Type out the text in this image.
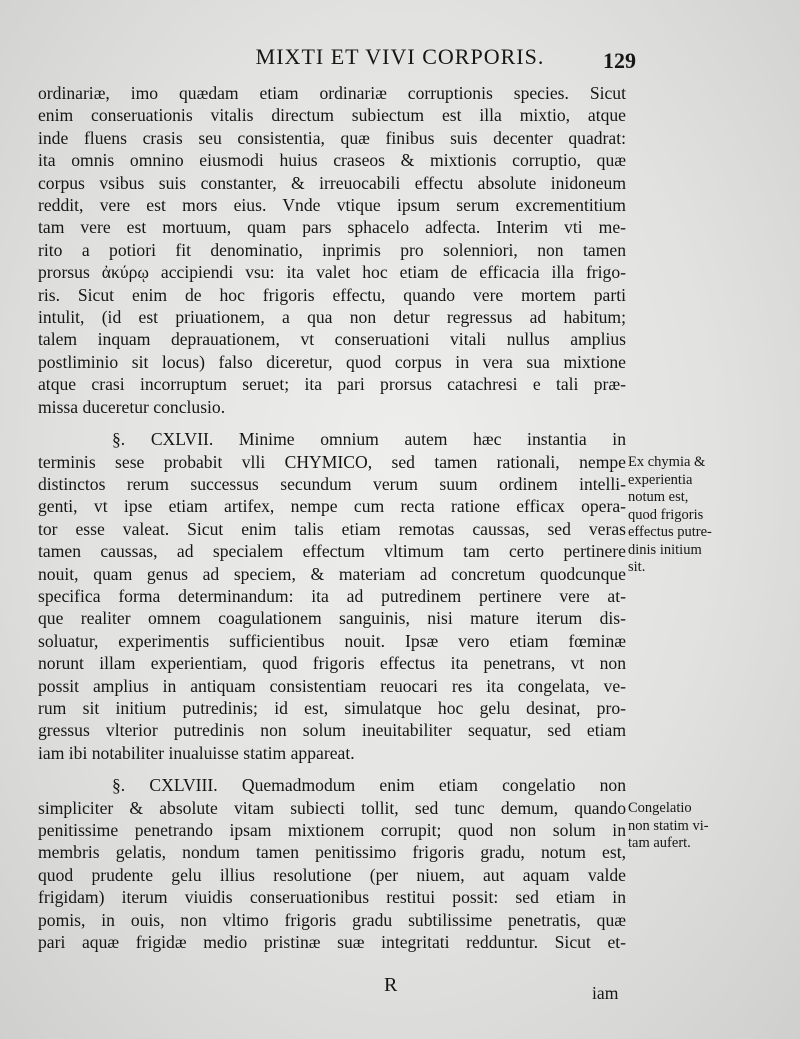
MIXTI ET VIVI CORPORIS.	129
ordinariæ, imo quædam etiam ordinariæ corruptionis species. Sicut
enim conseruationis vitalis directum subiectum est illa mixtio, atque
inde fluens crasis seu consistentia, quæ finibus suis decenter quadrat:
ita omnis omnino eiusmodi huius craseos & mixtionis corruptio, quæ
corpus vsibus suis constanter, & irreuocabili effectu absolute inidoneum
reddit, vere est mors eius. Vnde vtique ipsum serum excrementitium
tam vere est mortuum, quam pars sphacelo adfecta. Interim vti me-
rito a potiori fit denominatio, inprimis pro solenniori, non tamen
prorsus ἀκύρῳ accipiendi vsu: ita valet hoc etiam de efficacia illa frigo-
ris. Sicut enim de hoc frigoris effectu, quando vere mortem parti
intulit, (id est priuationem, a qua non detur regressus ad habitum;
talem inquam deprauationem, vt conseruationi vitali nullus amplius
postliminio sit locus) falso diceretur, quod corpus in vera sua mixtione
atque crasi incorruptum seruet; ita pari prorsus catachresi e tali præ-
missa duceretur conclusio.
§. CXLVII. Minime omnium autem hæc instantia in
terminis sese probabit vlli CHYMICO, sed tamen rationali, nempe
distinctos rerum successus secundum verum suum ordinem intelli-
genti, vt ipse etiam artifex, nempe cum recta ratione efficax opera-
tor esse valeat. Sicut enim talis etiam remotas caussas, sed veras
tamen caussas, ad specialem effectum vltimum tam certo pertinere
nouit, quam genus ad speciem, & materiam ad concretum quodcunque
specifica forma determinandum: ita ad putredinem pertinere vere at-
que realiter omnem coagulationem sanguinis, nisi mature iterum dis-
soluatur, experimentis sufficientibus nouit. Ipsæ vero etiam fœminæ
norunt illam experientiam, quod frigoris effectus ita penetrans, vt non
possit amplius in antiquam consistentiam reuocari res ita congelata, ve-
rum sit initium putredinis; id est, simulatque hoc gelu desinat, pro-
gressus vlterior putredinis non solum ineuitabiliter sequatur, sed etiam
iam ibi notabiliter inualuisse statim appareat.
§. CXLVIII. Quemadmodum enim etiam congelatio non
simpliciter & absolute vitam subiecti tollit, sed tunc demum, quando
penitissime penetrando ipsam mixtionem corrupit; quod non solum in
membris gelatis, nondum tamen penitissimo frigoris gradu, notum est,
quod prudente gelu illius resolutione (per niuem, aut aquam valde
frigidam) iterum viuidis conseruationibus restitui possit: sed etiam in
pomis, in ouis, non vltimo frigoris gradu subtilissime penetratis, quæ
pari aquæ frigidæ medio pristinæ suæ integritati redduntur. Sicut et-
Ex chymia &
experientia
notum est,
quod frigoris
effectus putre-
dinis initium
sit.
Congelatio
non statim vi-
tam aufert.
R	iam
